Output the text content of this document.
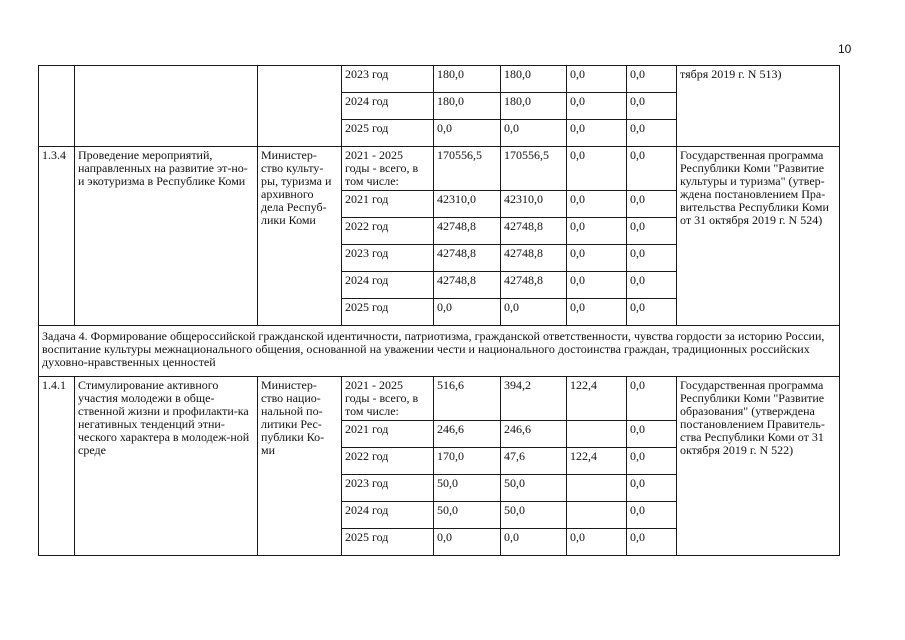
10
			2023 год	180,0	180,0	0,0	0,0	тября 2019 г. N 513)
			2024 год	180,0	180,0	0,0	0,0	
			2025 год	0,0	0,0	0,0	0,0	
1.3.4	Проведение мероприятий, направленных на развитие эт-но- и экотуризма в Республике Коми	Министер-ство культу-ры, туризма и архивного дела Респуб-лики Коми	2021 - 2025 годы - всего, в том числе:	170556,5	170556,5	0,0	0,0	Государственная программа Республики Коми "Развитие культуры и туризма" (утвер-ждена постановлением Пра-вительства Республики Коми от 31 октября 2019 г. N 524)
			2021 год	42310,0	42310,0	0,0	0,0	
			2022 год	42748,8	42748,8	0,0	0,0	
			2023 год	42748,8	42748,8	0,0	0,0	
			2024 год	42748,8	42748,8	0,0	0,0	
			2025 год	0,0	0,0	0,0	0,0	
Задача 4. Формирование общероссийской гражданской идентичности, патриотизма, гражданской ответственности, чувства гордости за историю России, воспитание культуры межнационального общения, основанной на уважении чести и национального достоинства граждан, традиционных российских духовно-нравственных ценностей								
1.4.1	Стимулирование активного участия молодежи в обще-ственной жизни и профилакти-ка негативных тенденций этни-ческого характера в молодеж-ной среде	Министер-ство нацио-нальной по-литики Рес-публики Ко-ми	2021 - 2025 годы - всего, в том числе:	516,6	394,2	122,4	0,0	Государственная программа Республики Коми "Развитие образования" (утверждена постановлением Правитель-ства Республики Коми от 31 октября 2019 г. N 522)
			2021 год	246,6	246,6		0,0	
			2022 год	170,0	47,6	122,4	0,0	
			2023 год	50,0	50,0		0,0	
			2024 год	50,0	50,0		0,0	
			2025 год	0,0	0,0	0,0	0,0	
